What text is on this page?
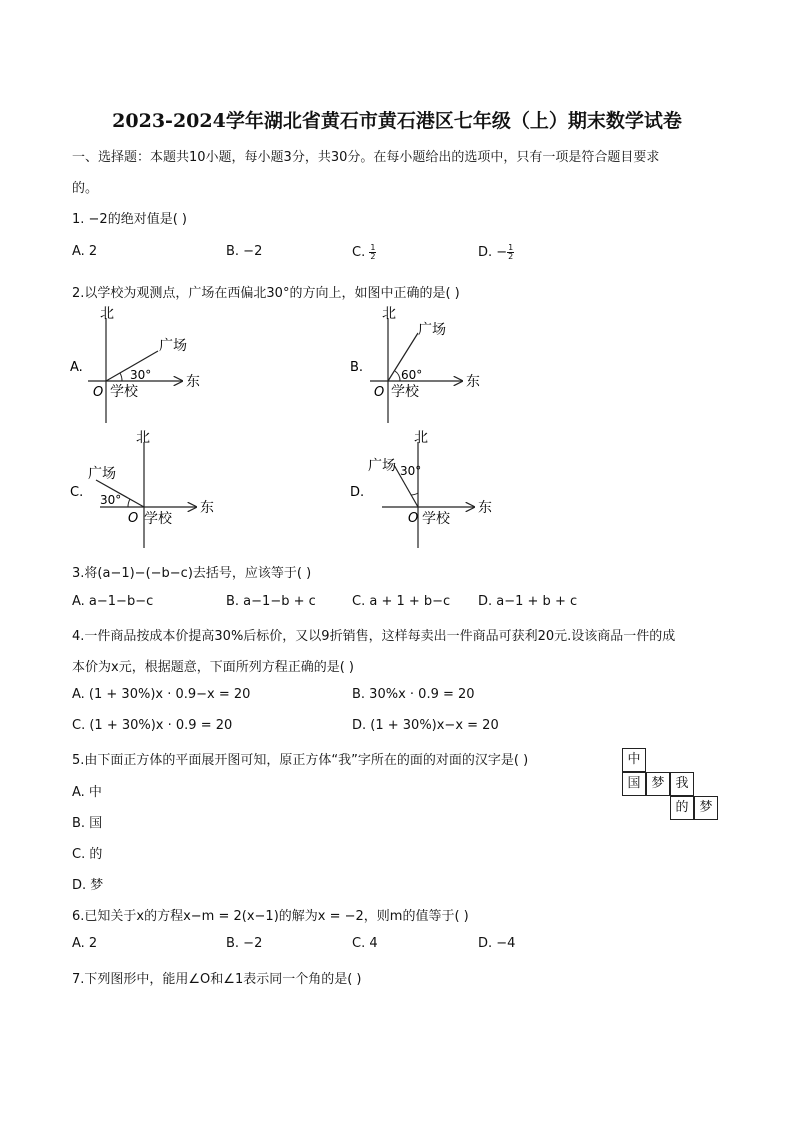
2023-2024学年湖北省黄石市黄石港区七年级（上）期末数学试卷
一、选择题：本题共10小题，每小题3分，共30分。在每小题给出的选项中，只有一项是符合题目要求
的。
1. −2的绝对值是( )
A. 2	B. −2	C. $\frac{1}{2}$	D. − $\frac{1}{2}$
2.以学校为观测点，广场在西偏北30°的方向上，如图中正确的是( )
A.
北
东
O 学校
广场
30°	B.
北
东
O 学校
广场
60°
C.
北
东
O 学校
广场
30°	D.
北
东
O 学校
广场 30°
3.将(a−1)−(−b−c)去括号，应该等于( )
A. a−1−b−c	B. a−1−b + c	C. a + 1 + b−c D. a−1 + b + c
4.一件商品按成本价提高30%后标价，又以9折销售，这样每卖出一件商品可获利20元.设该商品一件的成
本价为x元，根据题意，下面所列方程正确的是( )
A. (1 + 30%)x · 0.9−x = 20	B. 30%x · 0.9 = 20
C. (1 + 30%)x · 0.9 = 20	D. (1 + 30%)x−x = 20
5.由下面正方体的平面展开图可知，原正方体“我”字所在的面的对面的汉字是( )
A. 中
B. 国
C. 的
D. 梦
中
国 梦 我
的 梦
6.已知关于x的方程x−m = 2(x−1)的解为x = −2，则m的值等于( )
A. 2	B. −2	C. 4	D. −4
7.下列图形中，能用∠O和∠1表示同一个角的是( )
